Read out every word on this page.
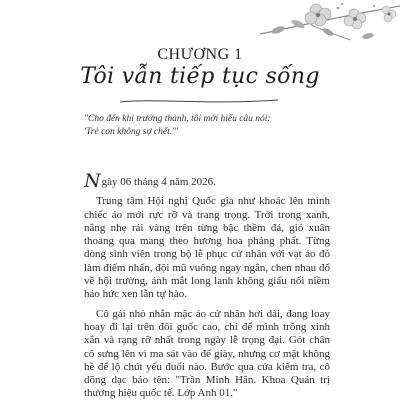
CHƯƠNG 1
Tôi vẫn tiếp tục sống
"Cho đến khi trưởng thành, tôi mới hiểu câu nói:
'Trẻ con không sợ chết.'"

Ngày 06 tháng 4 năm 2026.

Trung tâm Hội nghị Quốc gia như khoác lên mình chiếc áo mới rực rỡ và trang trọng. Trời trong xanh, nắng nhẹ rải vàng trên từng bậc thềm đá, gió xuân thoang qua mang theo hương hoa phảng phất. Từng dòng sinh viên trong bộ lễ phục cử nhân với vạt áo đỏ làm điểm nhấn, đội mũ vuông ngay ngắn, chen nhau đổ về hội trường, ánh mắt long lanh không giấu nổi niềm háo hức xen lẫn tự hào.

Cô gái nhỏ nhắn mặc áo cử nhân hơi dài, đang loay hoay đi lại trên đôi guốc cao, chỉ để mình trông xinh xắn và rạng rỡ nhất trong ngày lễ trọng đại. Gót chân cô sưng lên vì ma sát vào đế giày, nhưng cơ mặt không hề để lộ chút yếu đuối nào. Bước qua cửa kiểm tra, cô dõng dạc báo tên: "Trần Minh Hân. Khoa Quản trị thương hiệu quốc tế. Lớp Anh 01."
